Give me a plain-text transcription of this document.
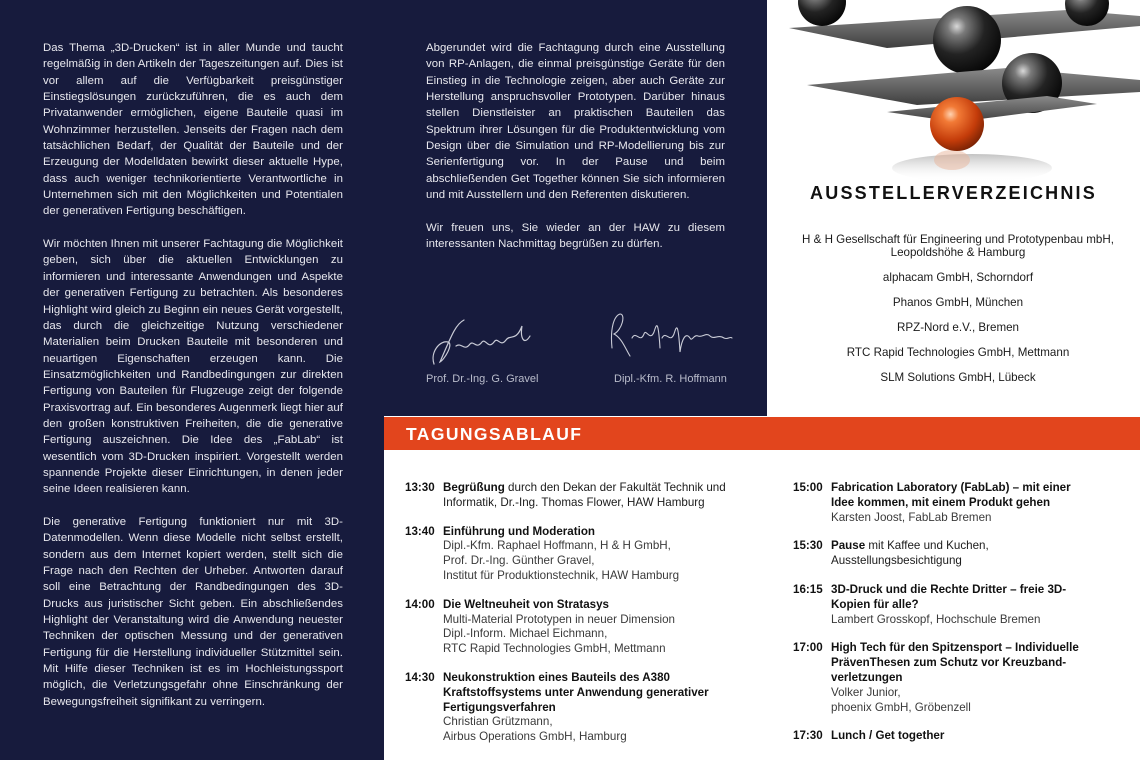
Das Thema „3D-Drucken“ ist in aller Munde und taucht regelmäßig in den Artikeln der Tageszeitungen auf. Dies ist vor allem auf die Verfügbarkeit preisgünstiger Einstiegslösungen zurückzuführen, die es auch dem Privatanwender ermöglichen, eigene Bauteile quasi im Wohnzimmer herzustellen. Jenseits der Fragen nach dem tatsächlichen Bedarf, der Qualität der Bauteile und der Erzeugung der Modelldaten bewirkt dieser aktuelle Hype, dass auch weniger technikorientierte Verantwortliche in Unternehmen sich mit den Möglichkeiten und Potentialen der generativen Fertigung beschäftigen.

Wir möchten Ihnen mit unserer Fachtagung die Möglichkeit geben, sich über die aktuellen Entwicklungen zu informieren und interessante Anwendungen und Aspekte der generativen Fertigung zu betrachten. Als besonderes Highlight wird gleich zu Beginn ein neues Gerät vorgestellt, das durch die gleichzeitige Nutzung verschiedener Materialien beim Drucken Bauteile mit besonderen und neuartigen Eigenschaften erzeugen kann. Die Einsatzmöglichkeiten und Randbedingungen zur direkten Fertigung von Bauteilen für Flugzeuge zeigt der folgende Praxisvortrag auf. Ein besonderes Augenmerk liegt hier auf den großen konstruktiven Freiheiten, die die generative Fertigung auszeichnen. Die Idee des „FabLab“ ist wesentlich vom 3D-Drucken inspiriert. Vorgestellt werden spannende Projekte dieser Einrichtungen, in denen jeder seine Ideen realisieren kann.

Die generative Fertigung funktioniert nur mit 3D-Datenmodellen. Wenn diese Modelle nicht selbst erstellt, sondern aus dem Internet kopiert werden, stellt sich die Frage nach den Rechten der Urheber. Antworten darauf soll eine Betrachtung der Randbedingungen des 3D-Drucks aus juristischer Sicht geben. Ein abschließendes Highlight der Veranstaltung wird die Anwendung neuester Techniken der optischen Messung und der generativen Fertigung für die Herstellung individueller Stützmittel sein. Mit Hilfe dieser Techniken ist es im Hochleistungssport möglich, die Verletzungsgefahr ohne Einschränkung der Bewegungsfreiheit signifikant zu verringern.

Abgerundet wird die Fachtagung durch eine Ausstellung von RP-Anlagen, die einmal preisgünstige Geräte für den Einstieg in die Technologie zeigen, aber auch Geräte zur Herstellung anspruchsvoller Prototypen. Darüber hinaus stellen Dienstleister an praktischen Bauteilen das Spektrum ihrer Lösungen für die Produktentwicklung vom Design über die Simulation und RP-Modellierung bis zur Serienfertigung vor. In der Pause und beim abschließenden Get Together können Sie sich informieren und mit Ausstellern und den Referenten diskutieren.

Wir freuen uns, Sie wieder an der HAW zu diesem interessanten Nachmittag begrüßen zu dürfen.

Prof. Dr.-Ing. G. Gravel	Dipl.-Kfm. R. Hoffmann
AUSSTELLERVERZEICHNIS
H & H Gesellschaft für Engineering und Prototypenbau mbH, Leopoldshöhe & Hamburg
alphacam GmbH, Schorndorf
Phanos GmbH, München
RPZ-Nord e.V., Bremen
RTC Rapid Technologies GmbH, Mettmann
SLM Solutions GmbH, Lübeck
TAGUNGSABLAUF
13:30 Begrüßung durch den Dekan der Fakultät Technik und Informatik, Dr.-Ing. Thomas Flower, HAW Hamburg
13:40 Einführung und Moderation
Dipl.-Kfm. Raphael Hoffmann, H & H GmbH,
Prof. Dr.-Ing. Günther Gravel,
Institut für Produktionstechnik, HAW Hamburg
14:00 Die Weltneuheit von Stratasys
Multi-Material Prototypen in neuer Dimension
Dipl.-Inform. Michael Eichmann,
RTC Rapid Technologies GmbH, Mettmann
14:30 Neukonstruktion eines Bauteils des A380 Kraftstoffsystems unter Anwendung generativer Fertigungsverfahren
Christian Grützmann,
Airbus Operations GmbH, Hamburg
15:00 Fabrication Laboratory (FabLab) – mit einer Idee kommen, mit einem Produkt gehen
Karsten Joost, FabLab Bremen
15:30 Pause mit Kaffee und Kuchen, Ausstellungsbesichtigung
16:15 3D-Druck und die Rechte Dritter – freie 3D-Kopien für alle?
Lambert Grosskopf, Hochschule Bremen
17:00 High Tech für den Spitzensport – Individuelle PrävenThesen zum Schutz vor Kreuzband-verletzungen
Volker Junior,
phoenix GmbH, Gröbenzell
17:30 Lunch / Get together
